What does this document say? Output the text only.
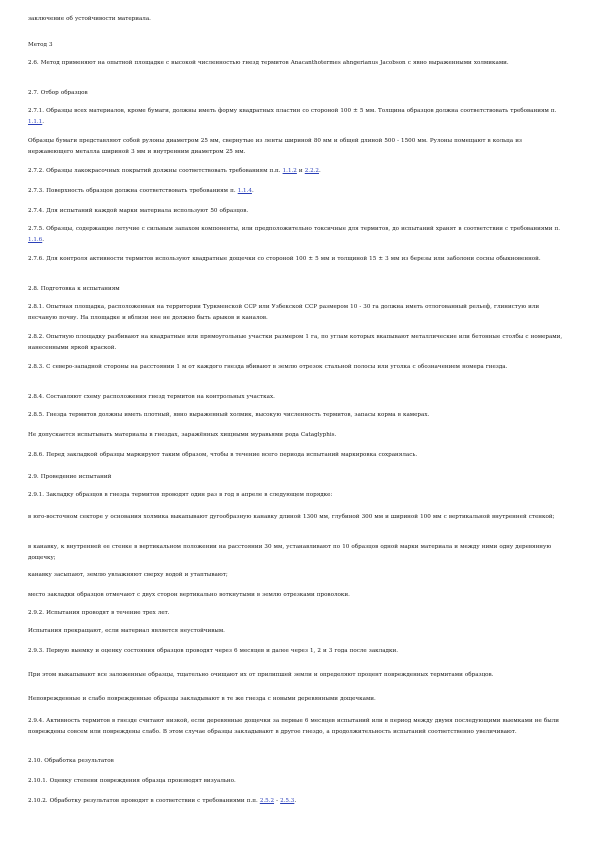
заключение об устойчивости материала.

Метод 3

2.6. Метод применяют на опытной площадке с высокой численностью гнезд термитов Anacanthotermes ahngerianus Jacobson с явно выраженными холмиками.

2.7. Отбор образцов

2.7.1. Образцы всех материалов, кроме бумаги, должны иметь форму квадратных пластин со стороной 100 ± 5 мм. Толщина образцов должна соответствовать требованиям п. 1.1.1.

Образцы бумаги представляют собой рулоны диаметром 25 мм, свернутые из ленты шириной 80 мм и общей длиной 500 - 1500 мм. Рулоны помещают в кольца из нержавеющего металла шириной 3 мм и внутренним диаметром 25 мм.

2.7.2. Образцы лакокрасочных покрытий должны соответствовать требованиям п.п. 1.1.2 и 2.2.2.

2.7.3. Поверхность образцов должна соответствовать требованиям п. 1.1.4.

2.7.4. Для испытаний каждой марки материала используют 50 образцов.

2.7.5. Образцы, содержащие летучие с сильным запахом компоненты, или предположительно токсичные для термитов, до испытаний хранят в соответствии с требованиями п. 1.1.6.

2.7.6. Для контроля активности термитов используют квадратные дощечки со стороной 100 ± 5 мм и толщиной 15 ± 3 мм из березы или заболони сосны обыкновенной.

2.8. Подготовка к испытаниям

2.8.1. Опытная площадка, расположенная на территории Туркменской ССР или Узбекской ССР размером 10 - 30 га должна иметь отлогованный рельеф, глинистую или песчаную почву. На площадке и вблизи нее не должно быть арыков и каналов.

2.8.2. Опытную площадку разбивают на квадратные или прямоугольные участки размером 1 га, по углам которых вкапывают металлические или бетонные столбы с номерами, нанесенными яркой краской.

2.8.3. С северо-западной стороны на расстоянии 1 м от каждого гнезда вбивают в землю отрезок стальной полосы или уголка с обозначением номера гнезда.

2.8.4. Составляют схему расположения гнезд термитов на контрольных участках.

2.8.5. Гнезда термитов должны иметь плотный, явно выраженный холмик, высокую численность термитов, запасы корма в камерах.

Не допускается испытывать материалы в гнездах, заражённых хищными муравьями рода Cataglyphis.

2.8.6. Перед закладкой образцы маркируют таким образом, чтобы в течение всего периода испытаний маркировка сохранялась.

2.9. Проведение испытаний

2.9.1. Закладку образцов в гнезда термитов проводят один раз в год в апреле в следующем порядке:

в юго-восточном секторе у основания холмика выкапывают дугообразную канавку длиной 1300 мм, глубиной 300 мм и шириной 100 мм с вертикальной внутренней стенкой;

в канавку, к внутренней ее стенке в вертикальном положении на расстоянии 30 мм, устанавливают по 10 образцов одной марки материала и между ними одну деревянную дощечку;

канавку засыпают, землю увлажняют сверху водой и утаптывают;

место закладки образцов отмечают с двух сторон вертикально воткнутыми в землю отрезками проволоки.

2.9.2. Испытания проводят в течение трех лет.

Испытания прекращают, если материал является неустойчивым.

2.9.3. Первую выемку и оценку состояния образцов проводят через 6 месяцев и далее через 1, 2 и 3 года после закладки.

При этом выкапывают все заложенные образцы, тщательно очищают их от прилипшей земли и определяют процент поврежденных термитами образцов.

Неповрежденные и слабо поврежденные образцы закладывают в те же гнезда с новыми деревянными дощечками.

2.9.4. Активность термитов в гнезде считают низкой, если деревянные дощечки за первые 6 месяцев испытаний или в период между двумя последующими выемками не были повреждены совсем или повреждены слабо. В этом случае образцы закладывают в другое гнездо, а продолжительность испытаний соответственно увеличивают.

2.10. Обработка результатов

2.10.1. Оценку степени повреждения образца производят визуально.

2.10.2. Обработку результатов проводят в соответствии с требованиями п.п. 2.5.2 - 2.5.3.
